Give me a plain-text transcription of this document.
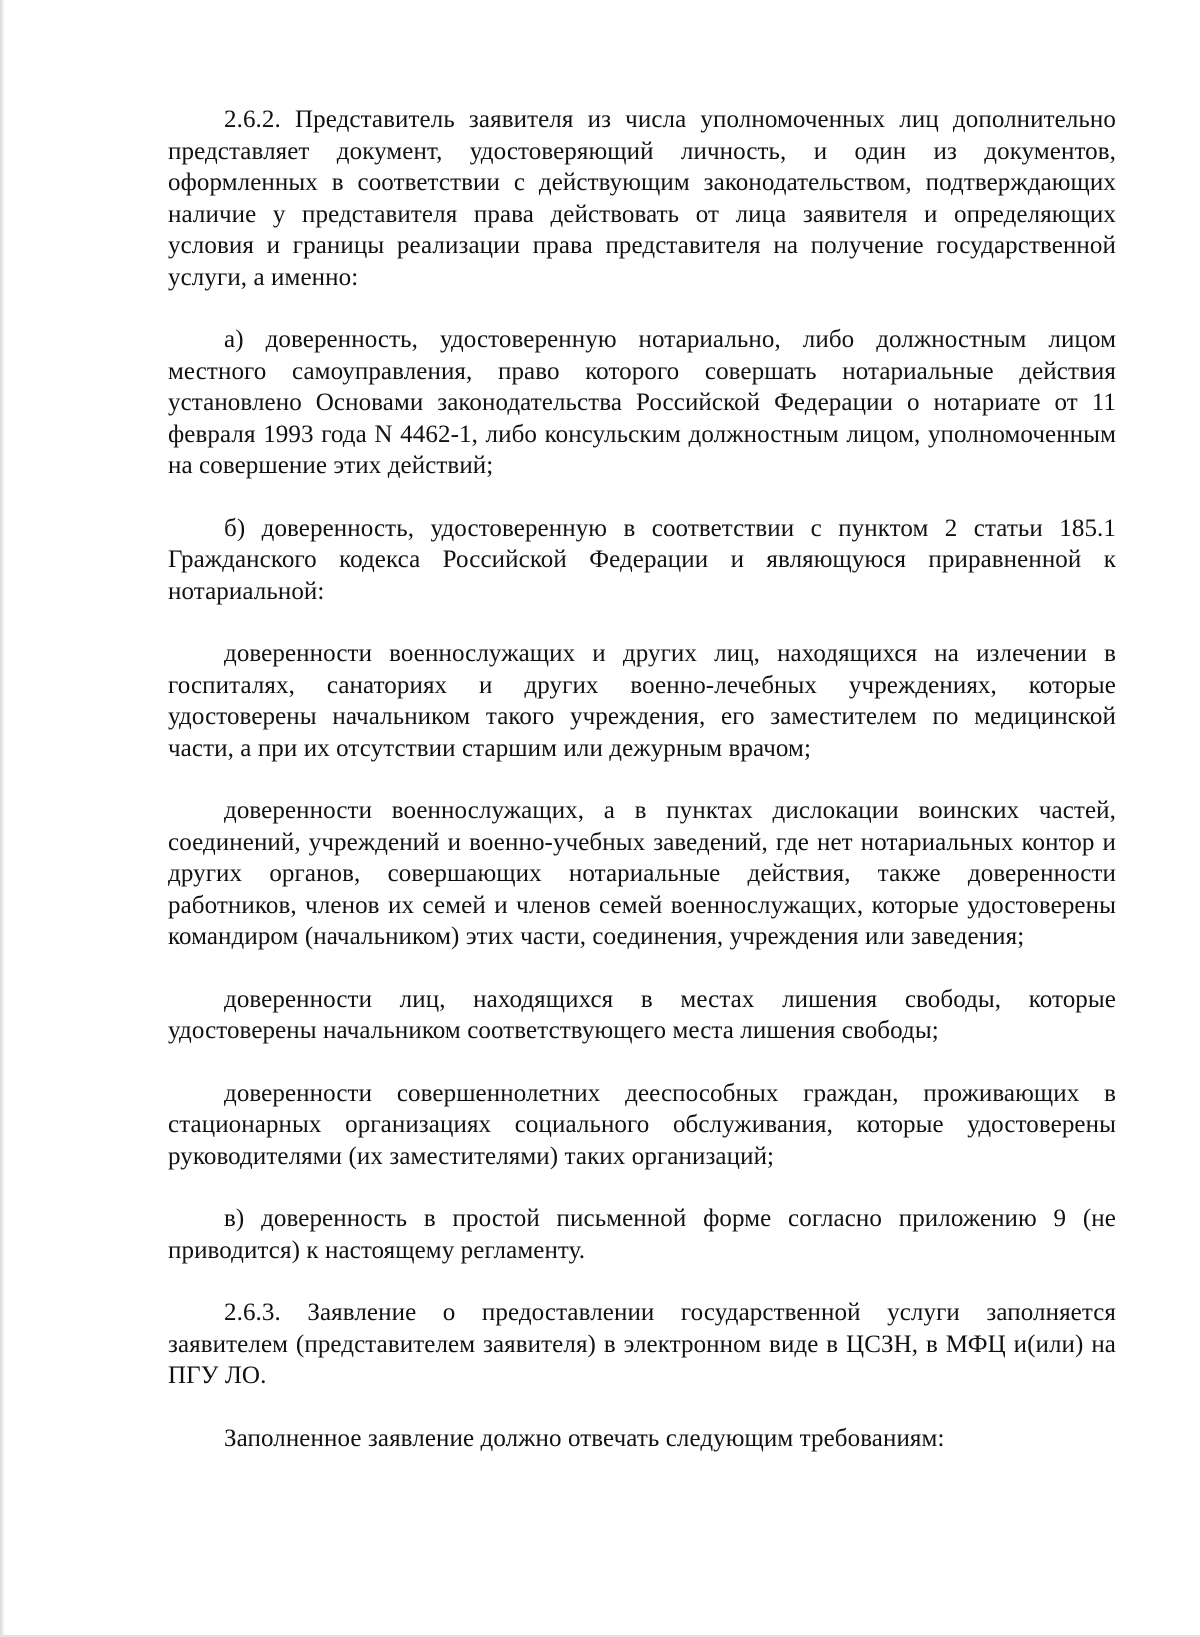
2.6.2. Представитель заявителя из числа уполномоченных лиц дополнительно представляет документ, удостоверяющий личность, и один из документов, оформленных в соответствии с действующим законодательством, подтверждающих наличие у представителя права действовать от лица заявителя и определяющих условия и границы реализации права представителя на получение государственной услуги, а именно:

а) доверенность, удостоверенную нотариально, либо должностным лицом местного самоуправления, право которого совершать нотариальные действия установлено Основами законодательства Российской Федерации о нотариате от 11 февраля 1993 года N 4462-1, либо консульским должностным лицом, уполномоченным на совершение этих действий;

б) доверенность, удостоверенную в соответствии с пунктом 2 статьи 185.1 Гражданского кодекса Российской Федерации и являющуюся приравненной к нотариальной:

доверенности военнослужащих и других лиц, находящихся на излечении в госпиталях, санаториях и других военно-лечебных учреждениях, которые удостоверены начальником такого учреждения, его заместителем по медицинской части, а при их отсутствии старшим или дежурным врачом;

доверенности военнослужащих, а в пунктах дислокации воинских частей, соединений, учреждений и военно-учебных заведений, где нет нотариальных контор и других органов, совершающих нотариальные действия, также доверенности работников, членов их семей и членов семей военнослужащих, которые удостоверены командиром (начальником) этих части, соединения, учреждения или заведения;

доверенности лиц, находящихся в местах лишения свободы, которые удостоверены начальником соответствующего места лишения свободы;

доверенности совершеннолетних дееспособных граждан, проживающих в стационарных организациях социального обслуживания, которые удостоверены руководителями (их заместителями) таких организаций;

в) доверенность в простой письменной форме согласно приложению 9 (не приводится) к настоящему регламенту.

2.6.3. Заявление о предоставлении государственной услуги заполняется заявителем (представителем заявителя) в электронном виде в ЦСЗН, в МФЦ и(или) на ПГУ ЛО.

Заполненное заявление должно отвечать следующим требованиям:
